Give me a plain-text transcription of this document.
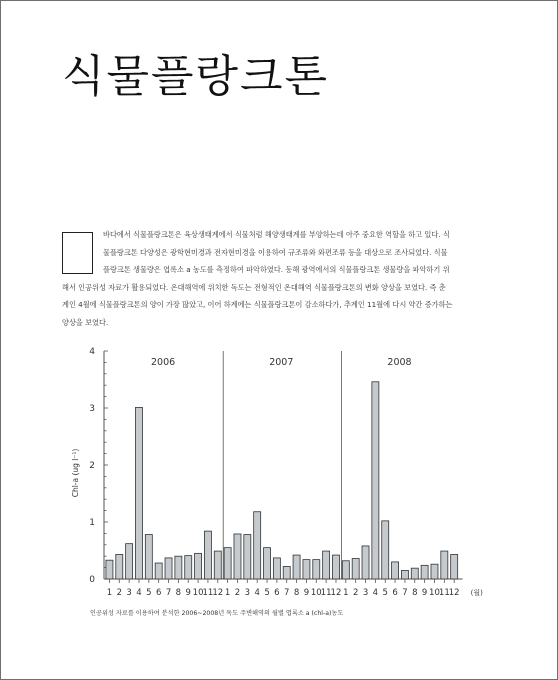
식물플랑크톤
바다에서 식물플랑크톤은 육상생태계에서 식물처럼 해양생태계를 부양하는데 아주 중요한 역할을 하고 있다. 식
물플랑크톤 다양성은 광학현미경과 전자현미경을 이용하여 규조류와 와편조류 등을 대상으로 조사되었다. 식물
플랑크톤 생물량은 엽록소 a 농도를 측정하여 파악하였다. 동해 광역에서의 식물플랑크톤 생물량을 파악하기 위
해서 인공위성 자료가 활용되었다. 온대해역에 위치한 독도는 전형적인 온대해역 식물플랑크톤의 변화 양상을 보였다. 즉 춘
계인 4월에 식물플랑크톤의 양이 가장 많았고, 이어 하계에는 식물플랑크톤이 감소하다가, 추계인 11월에 다시 약간 증가하는
양상을 보였다.
0
1
2
3
4
Chl-a (ug l⁻¹)
1 2 3 4 5 6 7 8 9 10 11 12
2006
1 2 3 4 5 6 7 8 9 10 11 12
2007
1 2 3 4 5 6 7 8 9 10 11 12
2008
(월)
인공위성 자료를 이용하여 분석한 2006~2008년 독도 주변해역의 월별 엽록소 a (chl-a)농도
